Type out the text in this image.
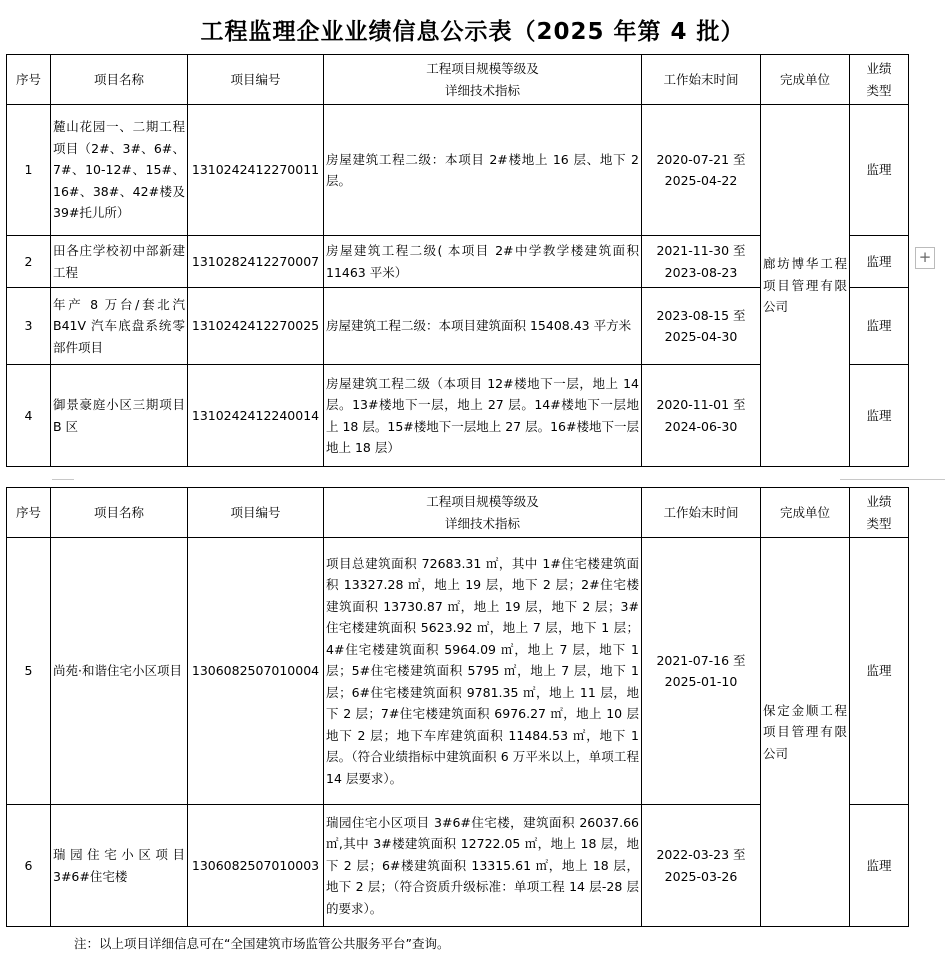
工程监理企业业绩信息公示表（2025 年第 4 批）
序号	项目名称	项目编号	工程项目规模等级及
详细技术指标	工作始末时间	完成单位	业绩
类型
1	麓山花园一、二期工程项目（2#、3#、6#、7#、10-12#、15#、16#、38#、42#楼及39#托儿所）	1310242412270011	房屋建筑工程二级：本项目 2#楼地上 16 层、地下 2 层。	2020-07-21 至
2025-04-22	廊坊博华工程项目管理有限公司	监理
2	田各庄学校初中部新建工程	1310282412270007	房屋建筑工程二级( 本项目 2#中学教学楼建筑面积 11463 平米）	2021-11-30 至
2023-08-23		监理
3	年产 8 万台/套北汽 B41V 汽车底盘系统零部件项目	1310242412270025	房屋建筑工程二级：本项目建筑面积 15408.43 平方米	2023-08-15 至
2025-04-30		监理
4	御景豪庭小区三期项目 B 区	1310242412240014	房屋建筑工程二级（本项目 12#楼地下一层，地上 14 层。13#楼地下一层，地上 27 层。14#楼地下一层地上 18 层。15#楼地下一层地上 27 层。16#楼地下一层地上 18 层）	2020-11-01 至
2024-06-30		监理
序号	项目名称	项目编号	工程项目规模等级及
详细技术指标	工作始末时间	完成单位	业绩
类型
5	尚苑·和谐住宅小区项目	1306082507010004	项目总建筑面积 72683.31 ㎡，其中 1#住宅楼建筑面积 13327.28 ㎡，地上 19 层，地下 2 层；2#住宅楼建筑面积 13730.87 ㎡，地上 19 层，地下 2 层；3#住宅楼建筑面积 5623.92 ㎡，地上 7 层，地下 1 层；4#住宅楼建筑面积 5964.09 ㎡，地上 7 层，地下 1 层；5#住宅楼建筑面积 5795 ㎡，地上 7 层，地下 1 层；6#住宅楼建筑面积 9781.35 ㎡，地上 11 层，地下 2 层；7#住宅楼建筑面积 6976.27 ㎡，地上 10 层 地下 2 层；地下车库建筑面积 11484.53 ㎡，地下 1 层。（符合业绩指标中建筑面积 6 万平米以上，单项工程 14 层要求）。	2021-07-16 至
2025-01-10	保定金顺工程项目管理有限公司	监理
6	瑞园住宅小区项目 3#6#住宅楼	1306082507010003	瑞园住宅小区项目 3#6#住宅楼，建筑面积 26037.66 ㎡,其中 3#楼建筑面积 12722.05 ㎡，地上 18 层，地下 2 层；6#楼建筑面积 13315.61 ㎡，地上 18 层，地下 2 层；（符合资质升级标准：单项工程 14 层-28 层的要求）。	2022-03-23 至
2025-03-26		监理
注：以上项目详细信息可在“全国建筑市场监管公共服务平台”查询。
+
